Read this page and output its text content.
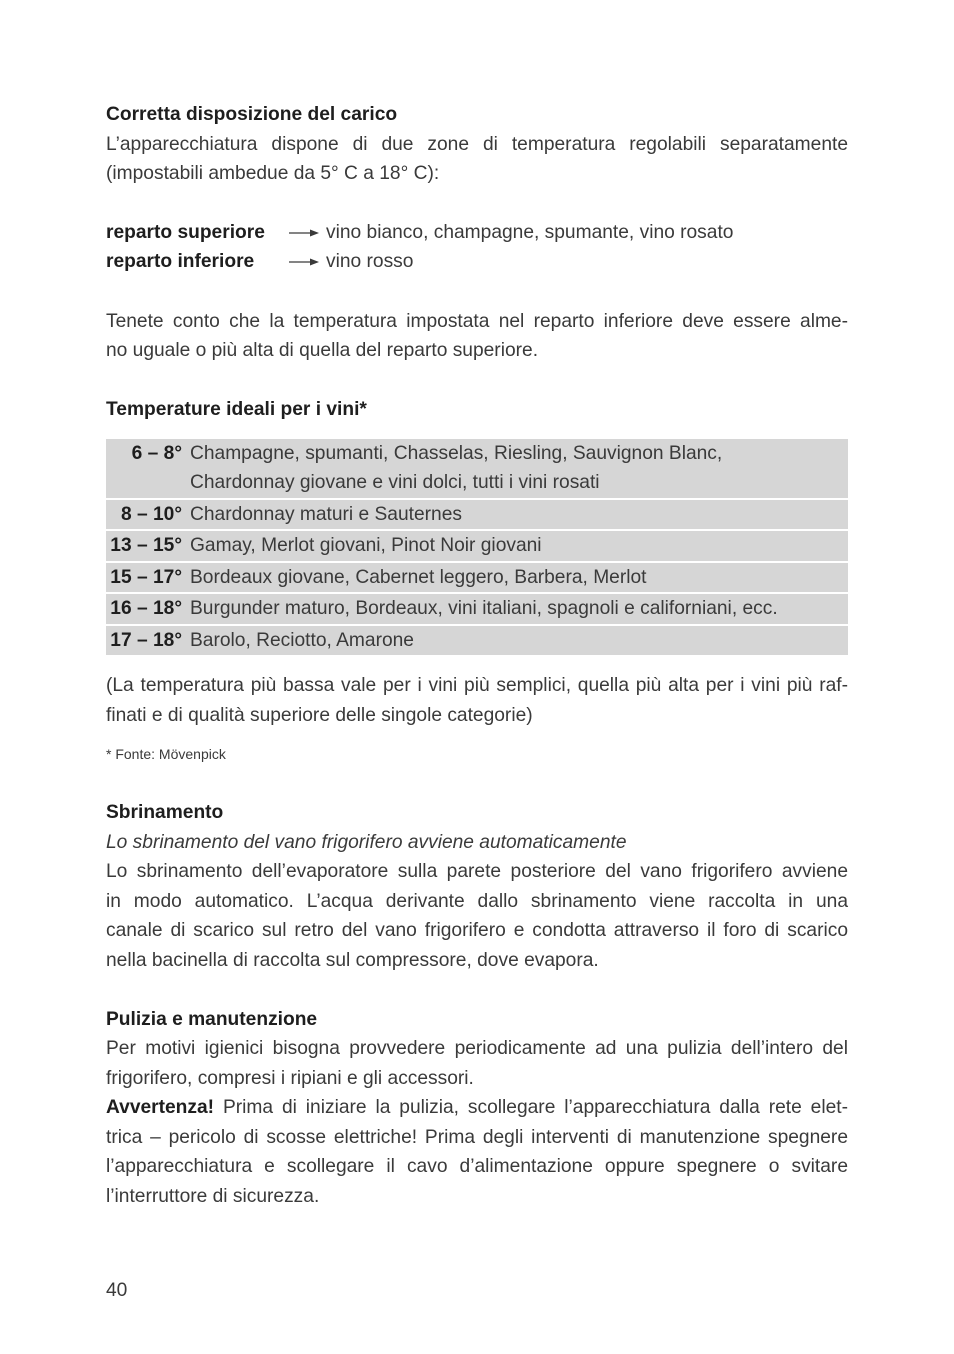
Corretta disposizione del carico
L’apparecchiatura dispone di due zone di temperatura regolabili separatamente
(impostabili ambedue da 5° C a 18° C):
reparto superiore	vino bianco, champagne, spumante, vino rosato
reparto inferiore	vino rosso
Tenete conto che la temperatura impostata nel reparto inferiore deve essere alme-
no uguale o più alta di quella del reparto superiore.
Temperature ideali per i vini*
6 – 8°	Champagne, spumanti, Chasselas, Riesling, Sauvignon Blanc,
Chardonnay giovane e vini dolci, tutti i vini rosati

8 – 10°	Chardonnay maturi e Sauternes
13 – 15°	Gamay, Merlot giovani, Pinot Noir giovani
15 – 17°	Bordeaux giovane, Cabernet leggero, Barbera, Merlot
16 – 18°	Burgunder maturo, Bordeaux, vini italiani, spagnoli e californiani, ecc.
17 – 18°	Barolo, Reciotto, Amarone
(La temperatura più bassa vale per i vini più semplici, quella più alta per i vini più raf-
finati e di qualità superiore delle singole categorie)
* Fonte: Mövenpick
Sbrinamento
Lo sbrinamento del vano frigorifero avviene automaticamente
Lo sbrinamento dell’evaporatore sulla parete posteriore del vano frigorifero avviene
in modo automatico. L’acqua derivante dallo sbrinamento viene raccolta in una
canale di scarico sul retro del vano frigorifero e condotta attraverso il foro di scarico
nella bacinella di raccolta sul compressore, dove evapora.
Pulizia e manutenzione
Per motivi igienici bisogna provvedere periodicamente ad una pulizia dell’intero del
frigorifero, compresi i ripiani e gli accessori.
Avvertenza! Prima di iniziare la pulizia, scollegare l’apparecchiatura dalla rete elet-
trica – pericolo di scosse elettriche! Prima degli interventi di manutenzione spegnere
l’apparecchiatura e scollegare il cavo d’alimentazione oppure spegnere o svitare
l’interruttore di sicurezza.
40
